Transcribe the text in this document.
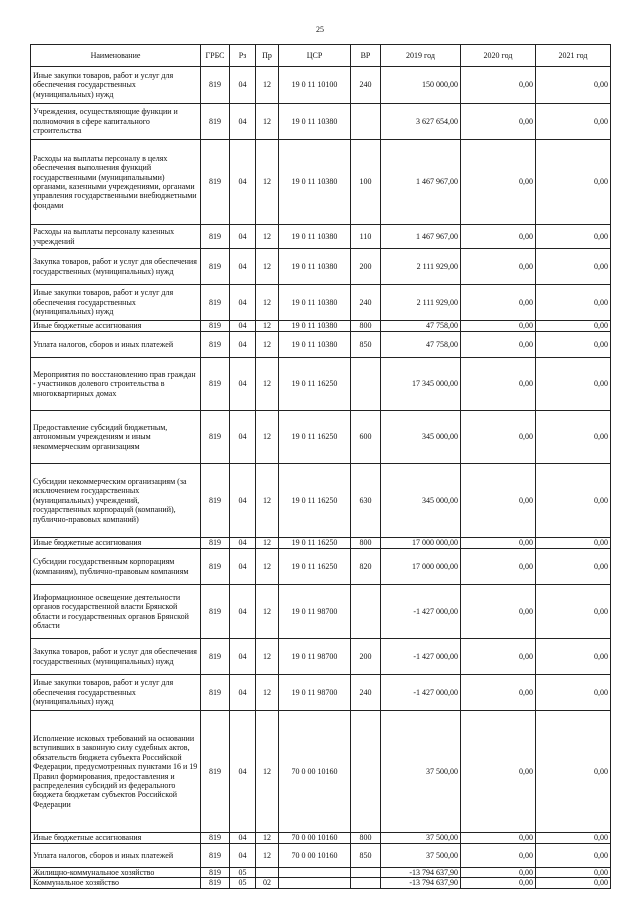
25
Наименование	ГРБС	Рз	Пр	ЦСР	ВР	2019 год	2020 год	2021 год
Иные закупки товаров, работ и услуг для обеспечения государственных (муниципальных) нужд	819	04	12	19 0 11 10100	240	150 000,00	0,00	0,00
Учреждения, осуществляющие функции и полномочия в сфере капитального строительства	819	04	12	19 0 11 10380		3 627 654,00	0,00	0,00
Расходы на выплаты персоналу в целях обеспечения выполнения функций государственными (муниципальными) органами, казенными учреждениями, органами управления государственными внебюджетными фондами	819	04	12	19 0 11 10380	100	1 467 967,00	0,00	0,00
Расходы на выплаты персоналу казенных учреждений	819	04	12	19 0 11 10380	110	1 467 967,00	0,00	0,00
Закупка товаров, работ и услуг для обеспечения государственных (муниципальных) нужд	819	04	12	19 0 11 10380	200	2 111 929,00	0,00	0,00
Иные закупки товаров, работ и услуг для обеспечения государственных (муниципальных) нужд	819	04	12	19 0 11 10380	240	2 111 929,00	0,00	0,00
Иные бюджетные ассигнования	819	04	12	19 0 11 10380	800	47 758,00	0,00	0,00
Уплата налогов, сборов и иных платежей	819	04	12	19 0 11 10380	850	47 758,00	0,00	0,00
Мероприятия по восстановлению прав граждан - участников долевого строительства в многоквартирных домах	819	04	12	19 0 11 16250		17 345 000,00	0,00	0,00
Предоставление субсидий бюджетным, автономным учреждениям и иным некоммерческим организациям	819	04	12	19 0 11 16250	600	345 000,00	0,00	0,00
Субсидии некоммерческим организациям (за исключением государственных (муниципальных) учреждений, государственных корпораций (компаний), публично-правовых компаний)	819	04	12	19 0 11 16250	630	345 000,00	0,00	0,00
Иные бюджетные ассигнования	819	04	12	19 0 11 16250	800	17 000 000,00	0,00	0,00
Субсидии государственным корпорациям (компаниям), публично-правовым компаниям	819	04	12	19 0 11 16250	820	17 000 000,00	0,00	0,00
Информационное освещение деятельности органов государственной власти Брянской области и государственных органов Брянской области	819	04	12	19 0 11 98700		-1 427 000,00	0,00	0,00
Закупка товаров, работ и услуг для обеспечения государственных (муниципальных) нужд	819	04	12	19 0 11 98700	200	-1 427 000,00	0,00	0,00
Иные закупки товаров, работ и услуг для обеспечения государственных (муниципальных) нужд	819	04	12	19 0 11 98700	240	-1 427 000,00	0,00	0,00
Исполнение исковых требований на основании вступивших в законную силу судебных актов, обязательств бюджета субъекта Российской Федерации, предусмотренных пунктами 16 и 19 Правил формирования, предоставления и распределения субсидий из федерального бюджета бюджетам субъектов Российской Федерации	819	04	12	70 0 00 10160		37 500,00	0,00	0,00
Иные бюджетные ассигнования	819	04	12	70 0 00 10160	800	37 500,00	0,00	0,00
Уплата налогов, сборов и иных платежей	819	04	12	70 0 00 10160	850	37 500,00	0,00	0,00
Жилищно-коммунальное хозяйство	819	05				-13 794 637,90	0,00	0,00
Коммунальное хозяйство	819	05	02			-13 794 637,90	0,00	0,00
